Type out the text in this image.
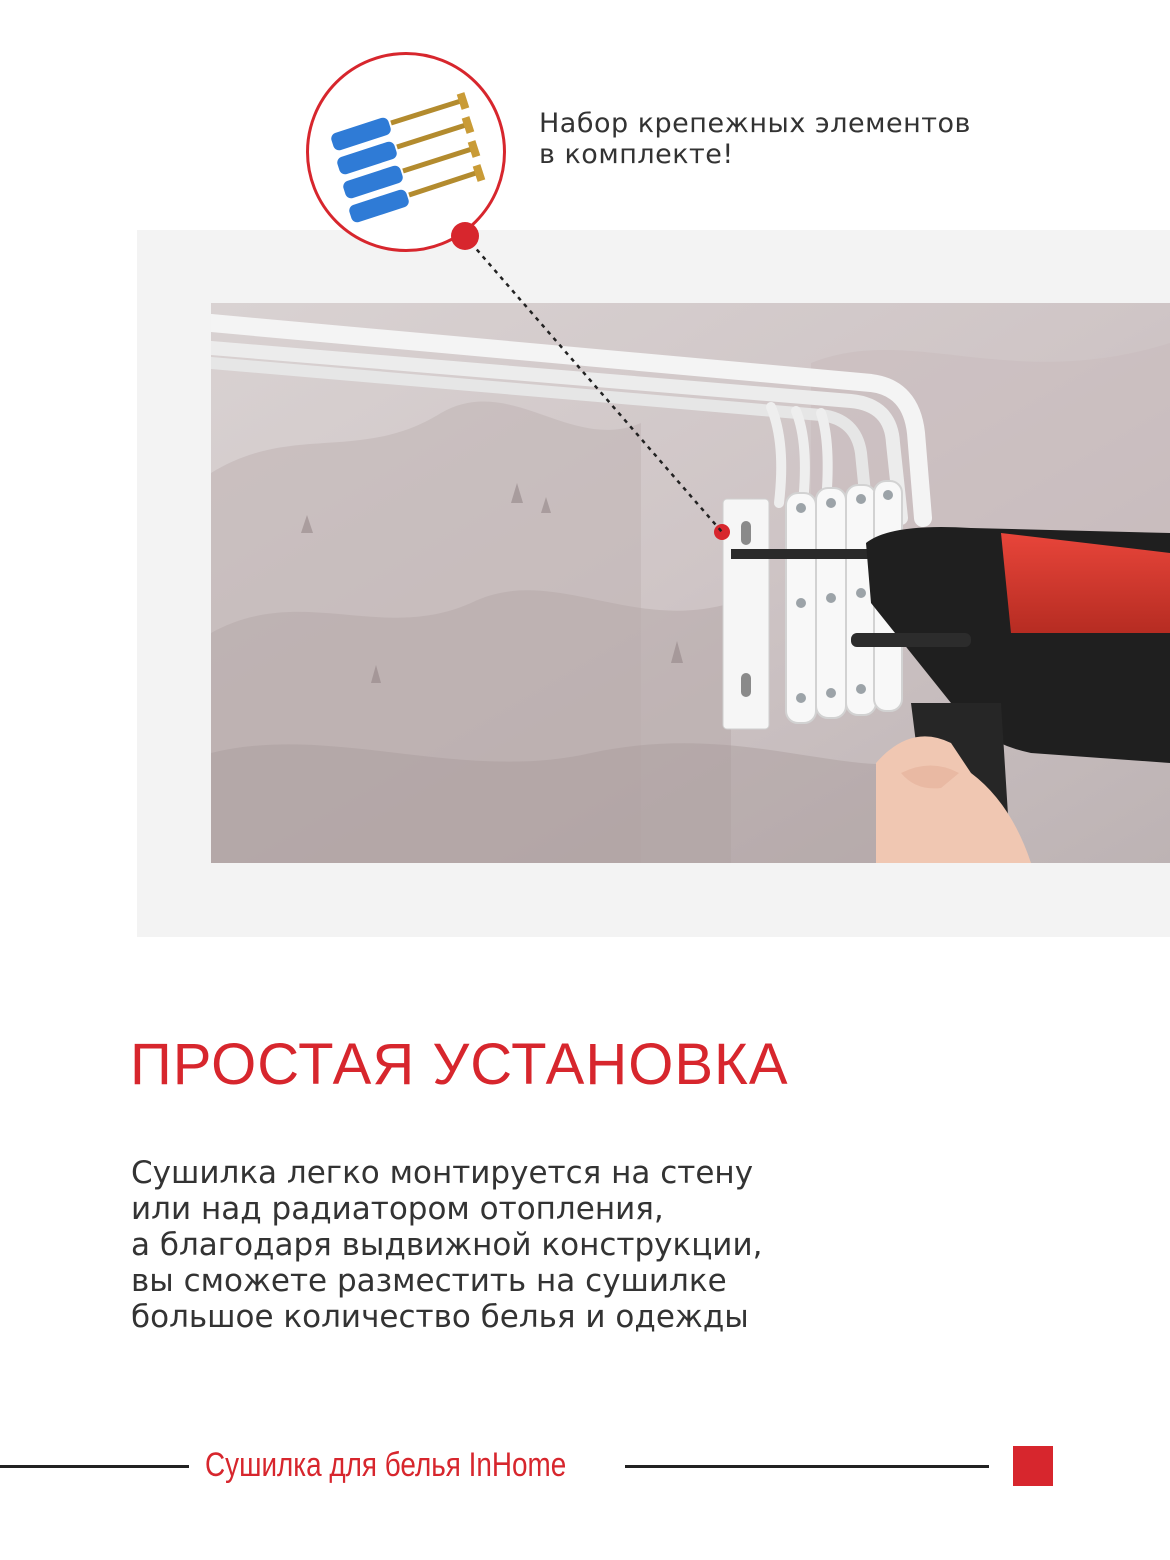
Набор крепежных элементов
в комплекте!
ПРОСТАЯ УСТАНОВКА
Сушилка легко монтируется на стену
или над радиатором отопления,
а благодаря выдвижной конструкции,
вы сможете разместить на сушилке
большое количество белья и одежды
Сушилка для белья InHome
